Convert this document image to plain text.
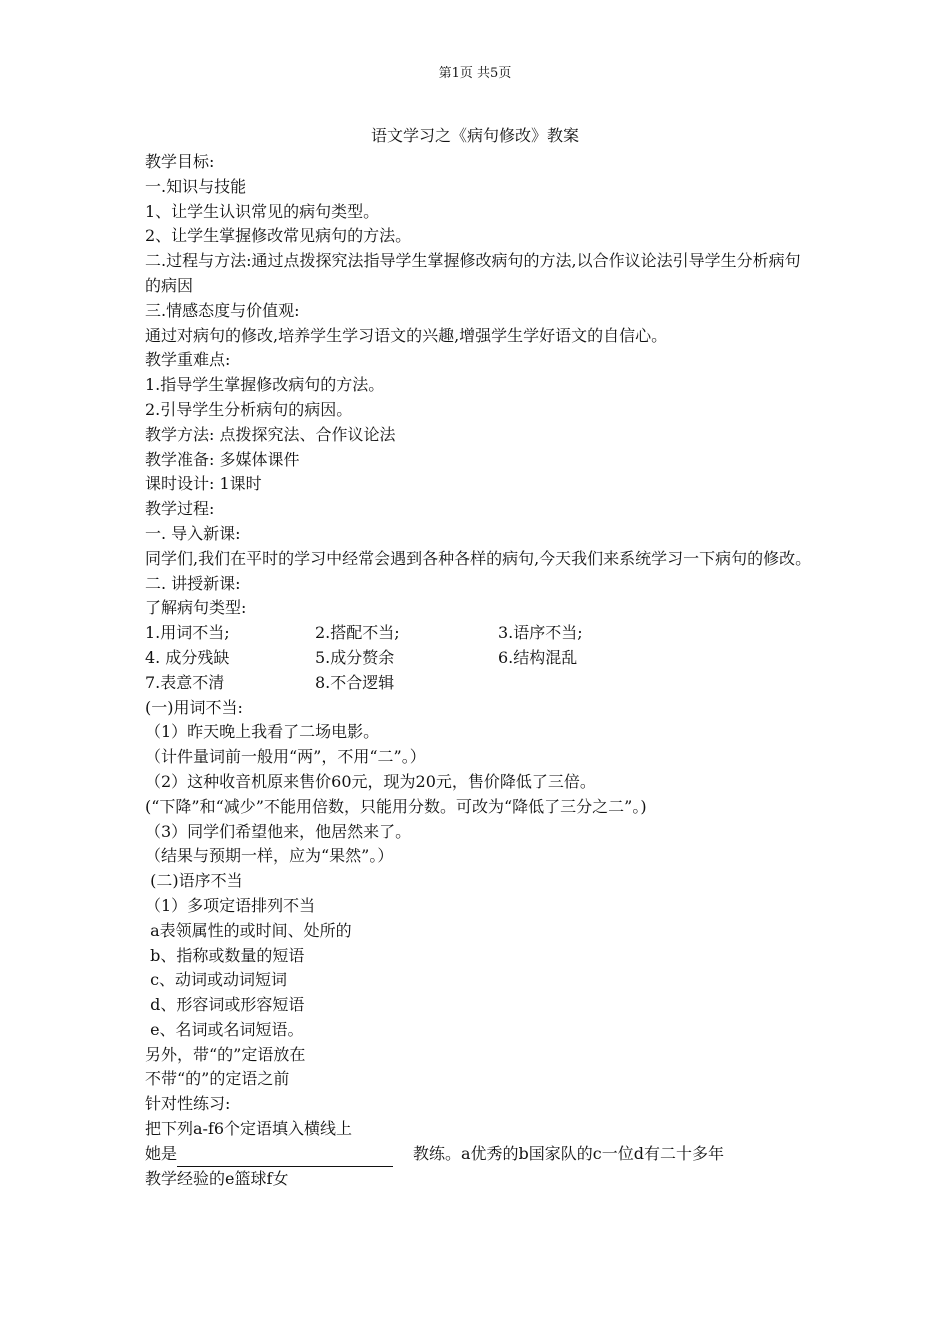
第1页 共5页
语文学习之《病句修改》教案
教学目标:
一.知识与技能
1、让学生认识常见的病句类型。
2、让学生掌握修改常见病句的方法。
二.过程与方法:通过点拨探究法指导学生掌握修改病句的方法,以合作议论法引导学生分析病句的病因
三.情感态度与价值观:
通过对病句的修改,培养学生学习语文的兴趣,增强学生学好语文的自信心。
教学重难点:
1.指导学生掌握修改病句的方法。
2.引导学生分析病句的病因。
教学方法: 点拨探究法、合作议论法
教学准备: 多媒体课件
课时设计: 1课时
教学过程:
一. 导入新课:
同学们,我们在平时的学习中经常会遇到各种各样的病句,今天我们来系统学习一下病句的修改。
二. 讲授新课:
了解病句类型:
1.用词不当;	2.搭配不当;	3.语序不当;
4. 成分残缺	5.成分赘余	6.结构混乱
7.表意不清	8.不合逻辑
(一)用词不当:
（1）昨天晚上我看了二场电影。
（计件量词前一般用“两”，不用“二”。）
（2）这种收音机原来售价60元，现为20元，售价降低了三倍。
(“下降”和“减少”不能用倍数，只能用分数。可改为“降低了三分之二”。)
（3）同学们希望他来，他居然来了。
（结果与预期一样，应为“果然”。）
(二)语序不当
（1）多项定语排列不当
a表领属性的或时间、处所的
b、指称或数量的短语
c、动词或动词短词
d、形容词或形容短语
e、名词或名词短语。
另外，带“的”定语放在
不带“的”的定语之前
针对性练习:
把下列a-f6个定语填入横线上
她是	教练。a优秀的b国家队的c一位d有二十多年
教学经验的e篮球f女
